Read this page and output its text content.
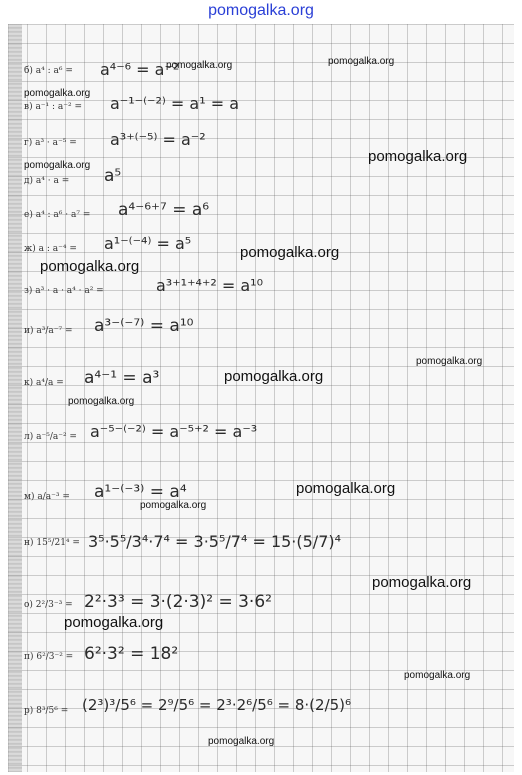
pomogalka.org
б) a⁴ : a⁶ =
в) a⁻¹ : a⁻² =
г) a³ · a⁻⁵ =
д) a⁴ · a =
е) a⁴ : a⁶ · a⁷ =
ж) a : a⁻⁴ =
з) a³ · a · a⁴ · a² =
и) a³/a⁻⁷ =
к) a⁴/a =
л) a⁻⁵/a⁻² =
м) a/a⁻³ =
н) 15⁵/21⁴ =
о) 2²/3⁻³ =
п) 6²/3⁻² =
р) 8³/5⁶ =
a⁴⁻⁶ = a⁻²
a⁻¹⁻⁽⁻²⁾ = a¹ = a
a³⁺⁽⁻⁵⁾ = a⁻²
a⁵
a⁴⁻⁶⁺⁷ = a⁶
a¹⁻⁽⁻⁴⁾ = a⁵
a³⁺¹⁺⁴⁺² = a¹⁰
a³⁻⁽⁻⁷⁾ = a¹⁰
a⁴⁻¹ = a³
a⁻⁵⁻⁽⁻²⁾ = a⁻⁵⁺² = a⁻³
a¹⁻⁽⁻³⁾ = a⁴
3⁵·5⁵/3⁴·7⁴ = 3·5⁵/7⁴ = 15·(5/7)⁴
2²·3³ = 3·(2·3)² = 3·6²
6²·3² = 18²
(2³)³/5⁶ = 2⁹/5⁶ = 2³·2⁶/5⁶ = 8·(2/5)⁶
pomogalka.org	pomogalka.org
pomogalka.org
pomogalka.org
pomogalka.org
pomogalka.org
pomogalka.org
pomogalka.org
pomogalka.org
pomogalka.org
pomogalka.org
pomogalka.org
pomogalka.org
pomogalka.org
pomogalka.org
pomogalka.org
